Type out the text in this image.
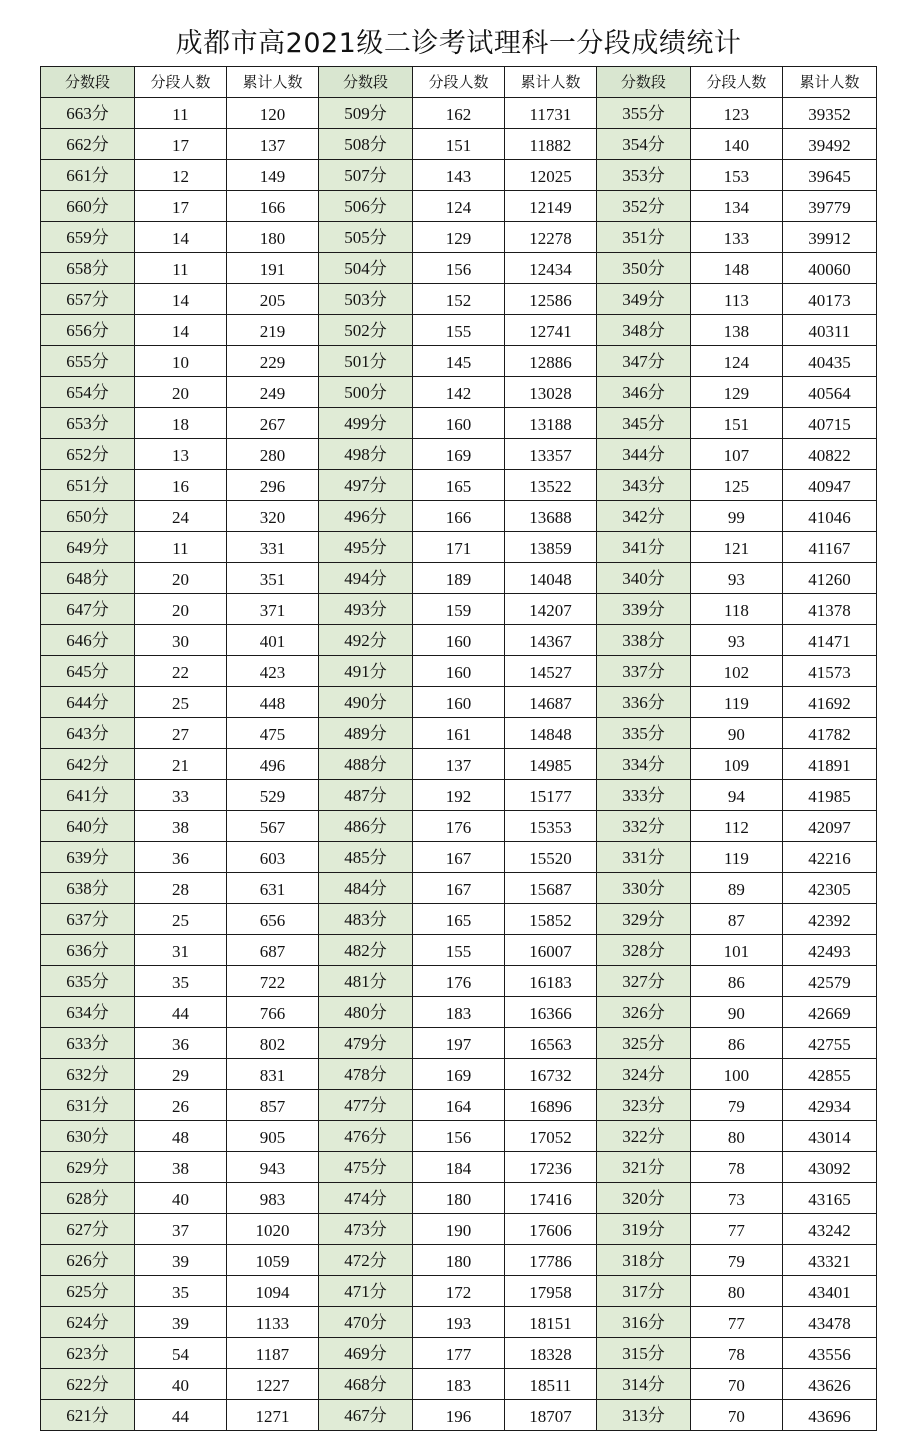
成都市高2021级二诊考试理科一分段成绩统计
分数段	分段人数	累计人数	分数段	分段人数	累计人数	分数段	分段人数	累计人数
663分	11	120	509分	162	11731	355分	123	39352
662分	17	137	508分	151	11882	354分	140	39492
661分	12	149	507分	143	12025	353分	153	39645
660分	17	166	506分	124	12149	352分	134	39779
659分	14	180	505分	129	12278	351分	133	39912
658分	11	191	504分	156	12434	350分	148	40060
657分	14	205	503分	152	12586	349分	113	40173
656分	14	219	502分	155	12741	348分	138	40311
655分	10	229	501分	145	12886	347分	124	40435
654分	20	249	500分	142	13028	346分	129	40564
653分	18	267	499分	160	13188	345分	151	40715
652分	13	280	498分	169	13357	344分	107	40822
651分	16	296	497分	165	13522	343分	125	40947
650分	24	320	496分	166	13688	342分	99	41046
649分	11	331	495分	171	13859	341分	121	41167
648分	20	351	494分	189	14048	340分	93	41260
647分	20	371	493分	159	14207	339分	118	41378
646分	30	401	492分	160	14367	338分	93	41471
645分	22	423	491分	160	14527	337分	102	41573
644分	25	448	490分	160	14687	336分	119	41692
643分	27	475	489分	161	14848	335分	90	41782
642分	21	496	488分	137	14985	334分	109	41891
641分	33	529	487分	192	15177	333分	94	41985
640分	38	567	486分	176	15353	332分	112	42097
639分	36	603	485分	167	15520	331分	119	42216
638分	28	631	484分	167	15687	330分	89	42305
637分	25	656	483分	165	15852	329分	87	42392
636分	31	687	482分	155	16007	328分	101	42493
635分	35	722	481分	176	16183	327分	86	42579
634分	44	766	480分	183	16366	326分	90	42669
633分	36	802	479分	197	16563	325分	86	42755
632分	29	831	478分	169	16732	324分	100	42855
631分	26	857	477分	164	16896	323分	79	42934
630分	48	905	476分	156	17052	322分	80	43014
629分	38	943	475分	184	17236	321分	78	43092
628分	40	983	474分	180	17416	320分	73	43165
627分	37	1020	473分	190	17606	319分	77	43242
626分	39	1059	472分	180	17786	318分	79	43321
625分	35	1094	471分	172	17958	317分	80	43401
624分	39	1133	470分	193	18151	316分	77	43478
623分	54	1187	469分	177	18328	315分	78	43556
622分	40	1227	468分	183	18511	314分	70	43626
621分	44	1271	467分	196	18707	313分	70	43696
